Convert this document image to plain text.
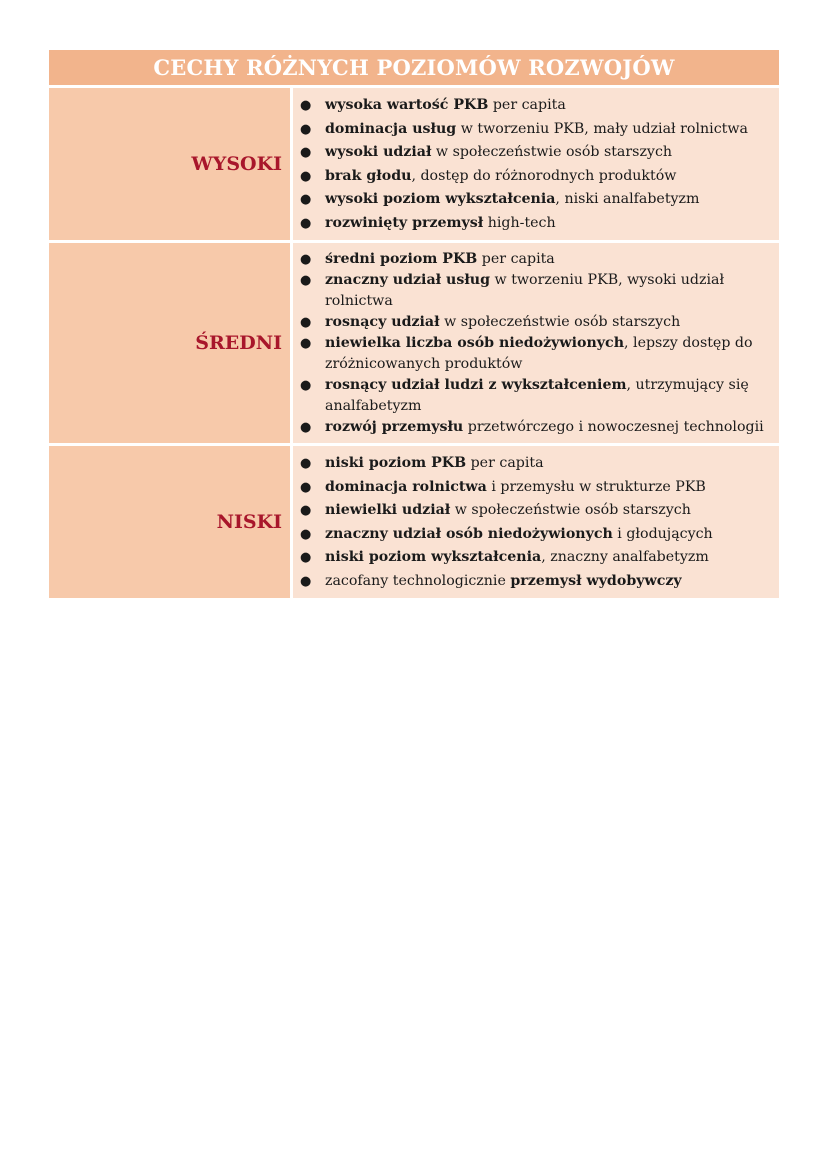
CECHY RÓŻNYCH POZIOMÓW ROZWOJÓW
WYSOKI
● wysoka wartość PKB per capita
● dominacja usług w tworzeniu PKB, mały udział rolnictwa
● wysoki udział w społeczeństwie osób starszych
● brak głodu, dostęp do różnorodnych produktów
● wysoki poziom wykształcenia, niski analfabetyzm
● rozwinięty przemysł high-tech
ŚREDNI
● średni poziom PKB per capita
● znaczny udział usług w tworzeniu PKB, wysoki udział rolnictwa
● rosnący udział w społeczeństwie osób starszych
● niewielka liczba osób niedożywionych, lepszy dostęp do zróżnicowanych produktów
● rosnący udział ludzi z wykształceniem, utrzymujący się analfabetyzm
● rozwój przemysłu przetwórczego i nowoczesnej technologii
NISKI
● niski poziom PKB per capita
● dominacja rolnictwa i przemysłu w strukturze PKB
● niewielki udział w społeczeństwie osób starszych
● znaczny udział osób niedożywionych i głodujących
● niski poziom wykształcenia, znaczny analfabetyzm
● zacofany technologicznie przemysł wydobywczy
